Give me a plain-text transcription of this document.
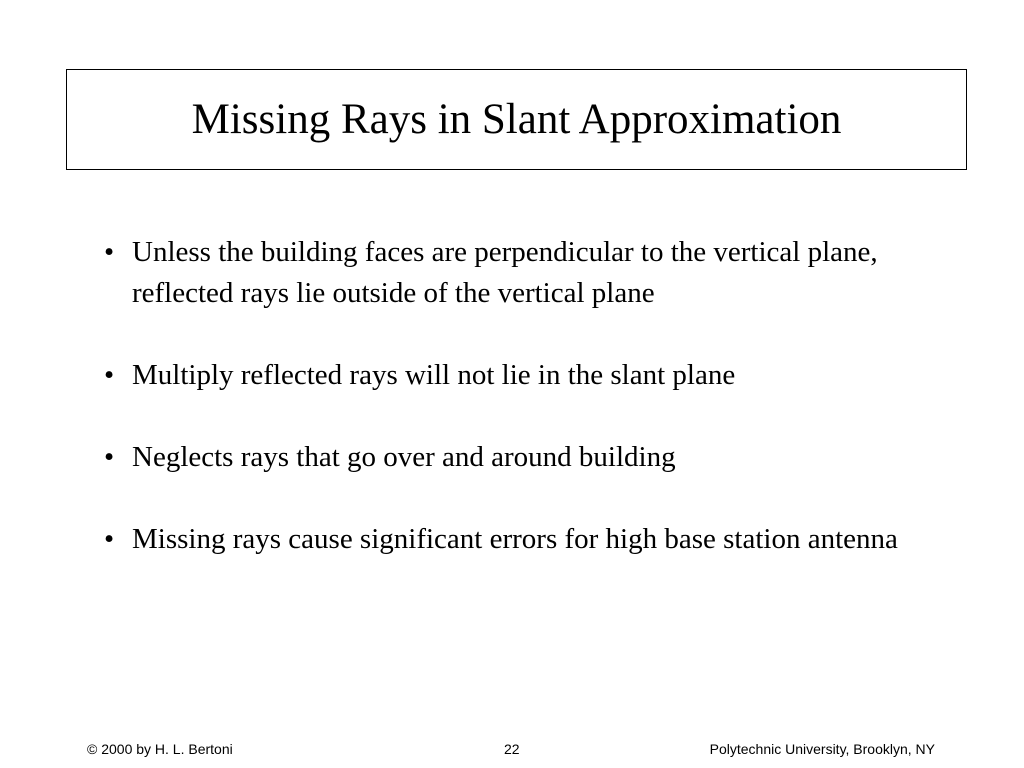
Missing Rays in Slant Approximation
• Unless the building faces are perpendicular to the vertical plane, reflected rays lie outside of the vertical plane
• Multiply reflected rays will not lie in the slant plane
• Neglects rays that go over and around building
• Missing rays cause significant errors for high base station antenna
© 2000 by H. L. Bertoni	22	Polytechnic University, Brooklyn, NY
